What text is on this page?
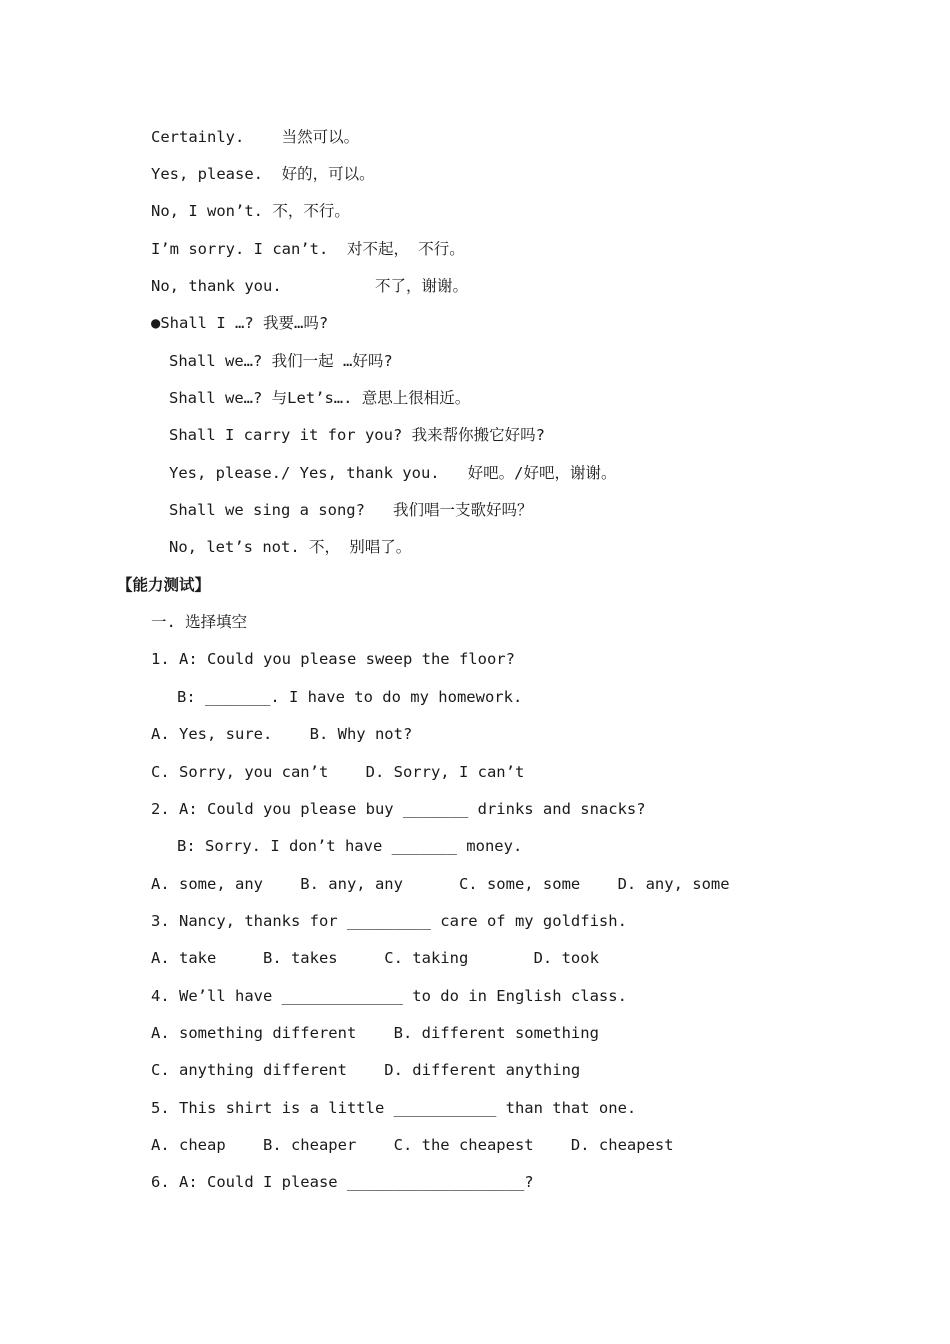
Certainly.    当然可以。
Yes, please.  好的，可以。
No, I won’t. 不，不行。
I’m sorry. I can’t.  对不起， 不行。
No, thank you.          不了，谢谢。
●Shall I …? 我要…吗?
Shall we…? 我们一起 …好吗?
Shall we…? 与Let’s…. 意思上很相近。
Shall I carry it for you? 我来帮你搬它好吗?
Yes, please./ Yes, thank you.   好吧。/好吧，谢谢。
Shall we sing a song?   我们唱一支歌好吗？
No, let’s not. 不， 别唱了。
【能力测试】
一. 选择填空
1. A: Could you please sweep the floor?
B: _______. I have to do my homework.
A. Yes, sure.    B. Why not?
C. Sorry, you can’t    D. Sorry, I can’t
2. A: Could you please buy _______ drinks and snacks?
B: Sorry. I don’t have _______ money.
A. some, any    B. any, any      C. some, some    D. any, some
3. Nancy, thanks for _________ care of my goldfish.
A. take     B. takes     C. taking       D. took
4. We’ll have _____________ to do in English class.
A. something different    B. different something
C. anything different    D. different anything
5. This shirt is a little ___________ than that one.
A. cheap    B. cheaper    C. the cheapest    D. cheapest
6. A: Could I please ___________________?
